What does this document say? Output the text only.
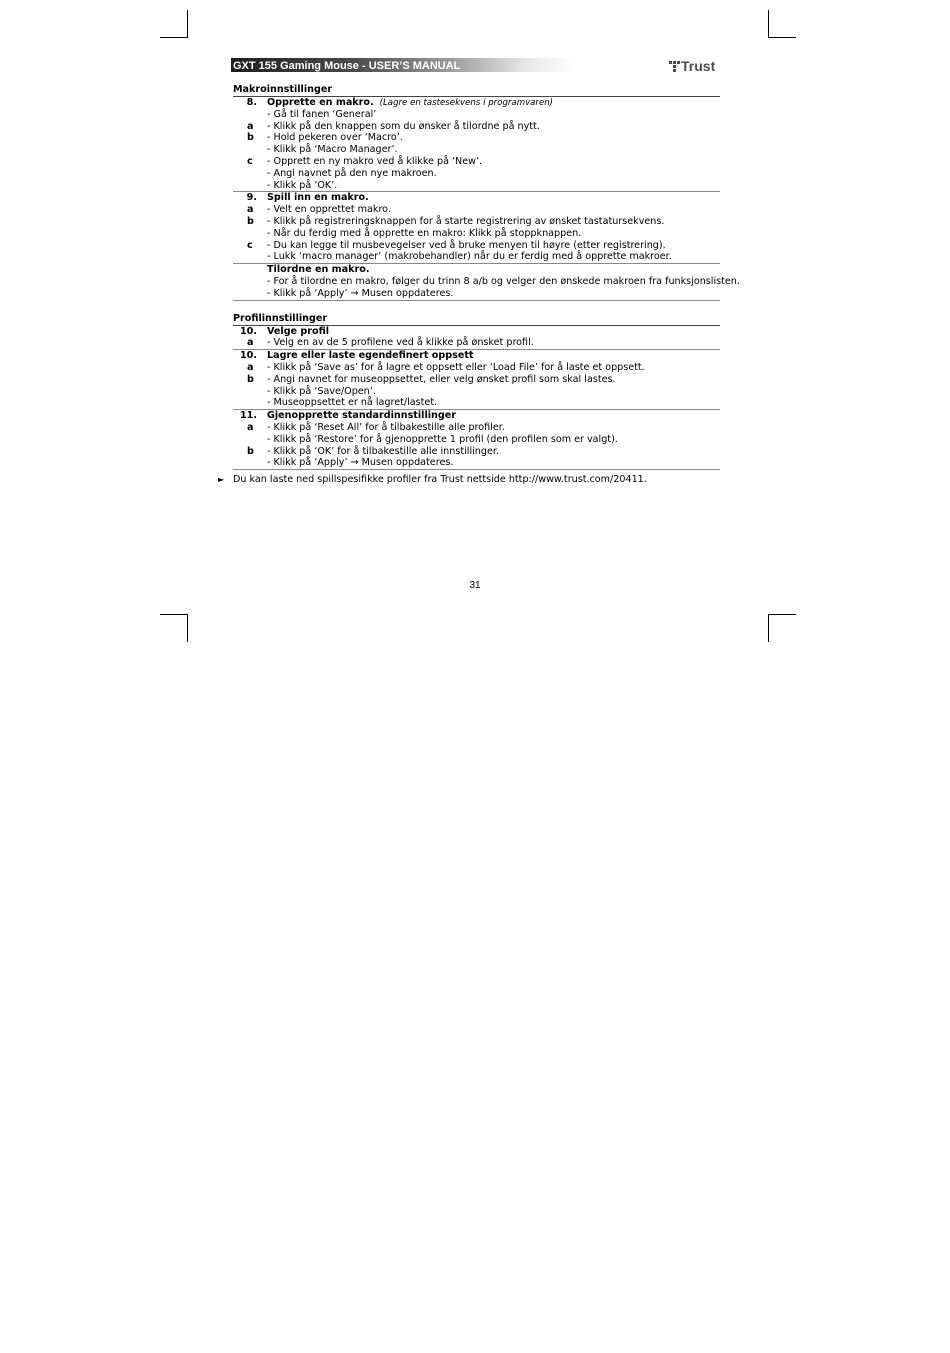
GXT 155 Gaming Mouse - USER’S MANUAL	Trust
Makroinnstillinger
8.	Opprette en makro. (Lagre en tastesekvens i programvaren)
- Gå til fanen ‘General’
a	- Klikk på den knappen som du ønsker å tilordne på nytt.
b	- Hold pekeren over ‘Macro’.
- Klikk på ‘Macro Manager’.
c	- Opprett en ny makro ved å klikke på ‘New’.
- Angi navnet på den nye makroen.
- Klikk på ‘OK’.
9.	Spill inn en makro.
a	- Velt en opprettet makro.
b	- Klikk på registreringsknappen for å starte registrering av ønsket tastatursekvens.
- Når du ferdig med å opprette en makro: Klikk på stoppknappen.
c	- Du kan legge til musbevegelser ved å bruke menyen til høyre (etter registrering).
- Lukk ‘macro manager’ (makrobehandler) når du er ferdig med å opprette makroer.
Tilordne en makro.
- For å tilordne en makro, følger du trinn 8 a/b og velger den ønskede makroen fra funksjonslisten.
- Klikk på ‘Apply’ → Musen oppdateres.
Profilinnstillinger
10.	Velge profil
a	- Velg en av de 5 profilene ved å klikke på ønsket profil.
10.	Lagre eller laste egendefinert oppsett
a	- Klikk på ‘Save as’ for å lagre et oppsett eller ‘Load File’ for å laste et oppsett.
b	- Angi navnet for museoppsettet, eller velg ønsket profil som skal lastes.
- Klikk på ‘Save/Open’.
- Museoppsettet er nå lagret/lastet.
11.	Gjenopprette standardinnstillinger
a	- Klikk på ‘Reset All’ for å tilbakestille alle profiler.
- Klikk på ‘Restore’ for å gjenopprette 1 profil (den profilen som er valgt).
b	- Klikk på ‘OK’ for å tilbakestille alle innstillinger.
- Klikk på ‘Apply’ → Musen oppdateres.
► Du kan laste ned spillspesifikke profiler fra Trust nettside http://www.trust.com/20411.
31
